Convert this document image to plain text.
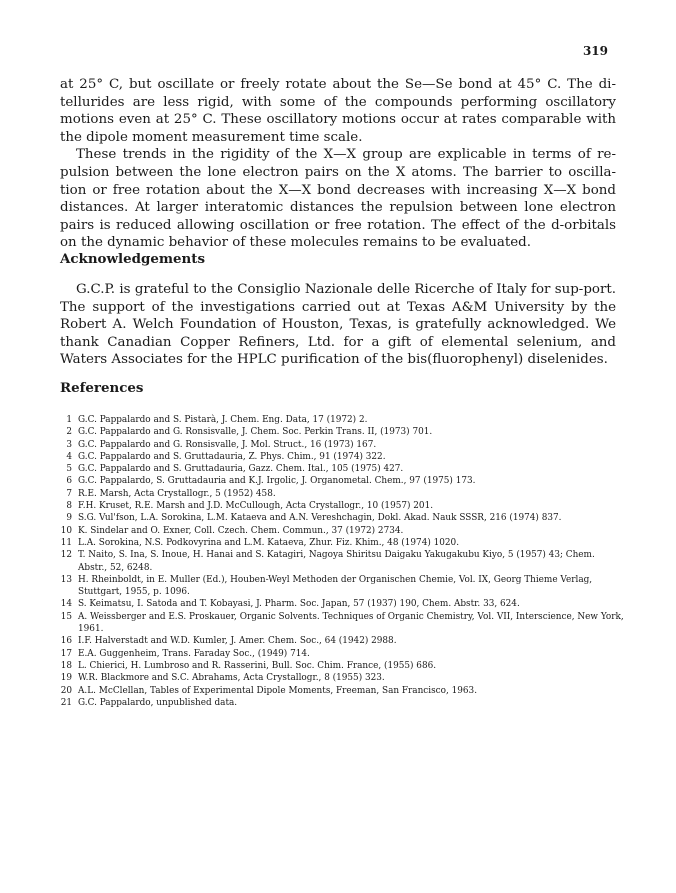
319

at 25° C, but oscillate or freely rotate about the Se—Se bond at 45° C. The di-tellurides are less rigid, with some of the compounds performing oscillatory motions even at 25° C. These oscillatory motions occur at rates comparable with the dipole moment measurement time scale.

These trends in the rigidity of the X—X group are explicable in terms of re-pulsion between the lone electron pairs on the X atoms. The barrier to oscilla-tion or free rotation about the X—X bond decreases with increasing X—X bond distances. At larger interatomic distances the repulsion between lone electron pairs is reduced allowing oscillation or free rotation. The effect of the d-orbitals on the dynamic behavior of these molecules remains to be evaluated.

Acknowledgements
G.C.P. is grateful to the Consiglio Nazionale delle Ricerche of Italy for sup-port. The support of the investigations carried out at Texas A&M University by the Robert A. Welch Foundation of Houston, Texas, is gratefully acknowledged. We thank Canadian Copper Refiners, Ltd. for a gift of elemental selenium, and Waters Associates for the HPLC purification of the bis(fluorophenyl) diselenides.
References
1 G.C. Pappalardo and S. Pistarà, J. Chem. Eng. Data, 17 (1972) 2.
2 G.C. Pappalardo and G. Ronsisvalle, J. Chem. Soc. Perkin Trans. II, (1973) 701.
3 G.C. Pappalardo and G. Ronsisvalle, J. Mol. Struct., 16 (1973) 167.
4 G.C. Pappalardo and S. Gruttadauria, Z. Phys. Chim., 91 (1974) 322.
5 G.C. Pappalardo and S. Gruttadauria, Gazz. Chem. Ital., 105 (1975) 427.
6 G.C. Pappalardo, S. Gruttadauria and K.J. Irgolic, J. Organometal. Chem., 97 (1975) 173.
7 R.E. Marsh, Acta Crystallogr., 5 (1952) 458.
8 F.H. Kruset, R.E. Marsh and J.D. McCullough, Acta Crystallogr., 10 (1957) 201.
9 S.G. Vul'fson, L.A. Sorokina, L.M. Kataeva and A.N. Vereshchagin, Dokl. Akad. Nauk SSSR, 216 (1974) 837.
10 K. Sindelar and O. Exner, Coll. Czech. Chem. Commun., 37 (1972) 2734.
11 L.A. Sorokina, N.S. Podkovyrina and L.M. Kataeva, Zhur. Fiz. Khim., 48 (1974) 1020.
12 T. Naito, S. Ina, S. Inoue, H. Hanai and S. Katagiri, Nagoya Shiritsu Daigaku Yakugakubu Kiyo, 5 (1957) 43; Chem. Abstr., 52, 6248.
13 H. Rheinboldt, in E. Muller (Ed.), Houben-Weyl Methoden der Organischen Chemie, Vol. IX, Georg Thieme Verlag, Stuttgart, 1955, p. 1096.
14 S. Keimatsu, I. Satoda and T. Kobayasi, J. Pharm. Soc. Japan, 57 (1937) 190, Chem. Abstr. 33, 624.
15 A. Weissberger and E.S. Proskauer, Organic Solvents. Techniques of Organic Chemistry, Vol. VII, Interscience, New York, 1961.
16 I.F. Halverstadt and W.D. Kumler, J. Amer. Chem. Soc., 64 (1942) 2988.
17 E.A. Guggenheim, Trans. Faraday Soc., (1949) 714.
18 L. Chierici, H. Lumbroso and R. Rasserini, Bull. Soc. Chim. France, (1955) 686.
19 W.R. Blackmore and S.C. Abrahams, Acta Crystallogr., 8 (1955) 323.
20 A.L. McClellan, Tables of Experimental Dipole Moments, Freeman, San Francisco, 1963.
21 G.C. Pappalardo, unpublished data.
